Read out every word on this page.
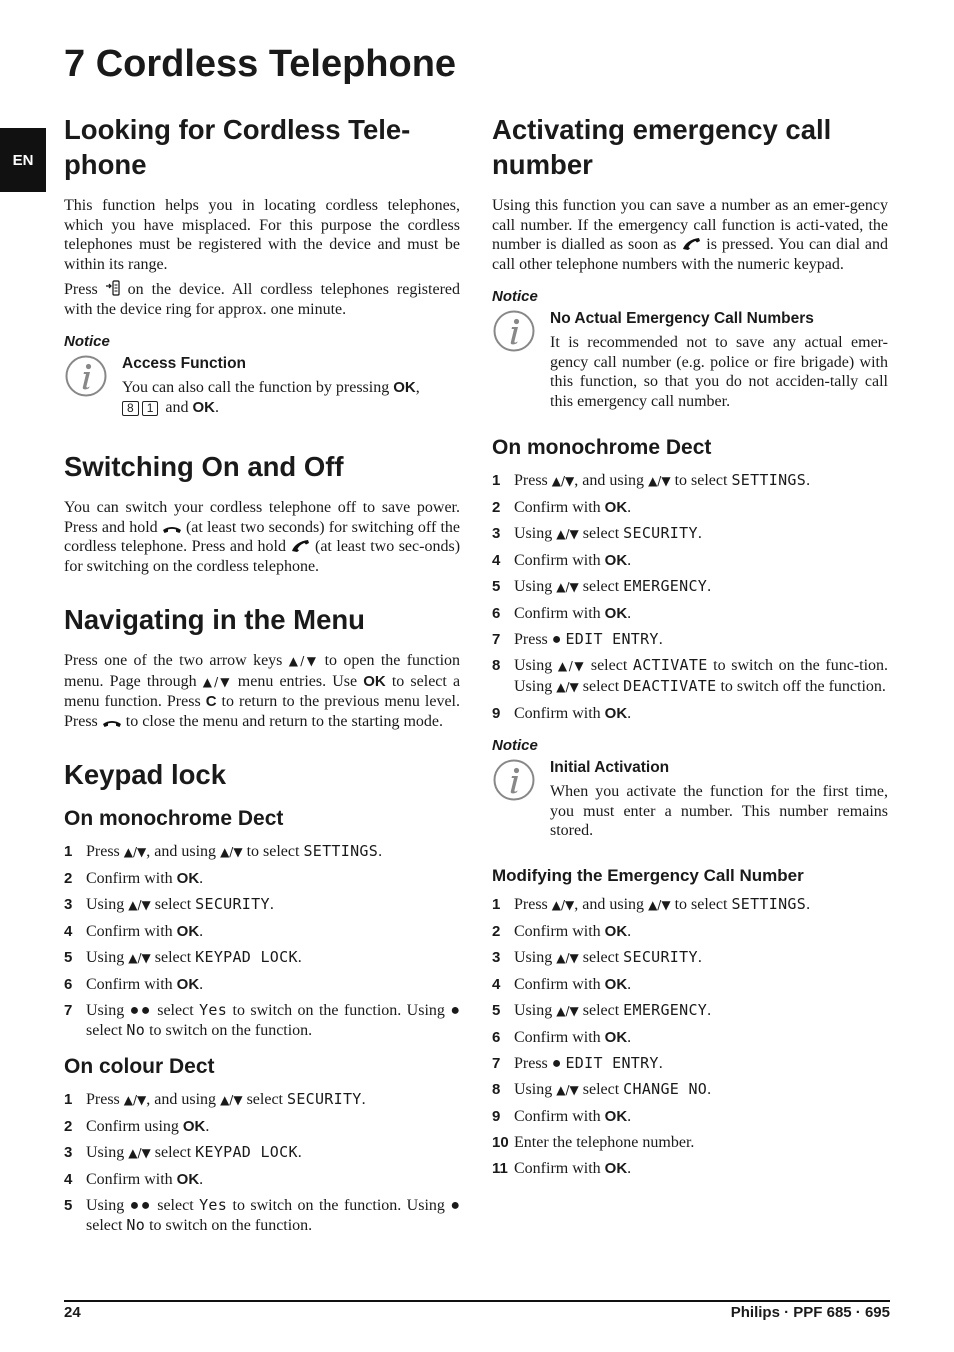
EN
7 Cordless Telephone
Looking for Cordless Tele-phone

This function helps you in locating cordless telephones, which you have misplaced. For this purpose the cordless telephones must be registered with the device and must be within its range.

Press on the device. All cordless telephones registered with the device ring for approx. one minute.

Notice
Access Function

You can also call the function by pressing OK,
8 1 and OK.

Switching On and Off

You can switch your cordless telephone off to save power. Press and hold (at least two seconds) for switching off the cordless telephone. Press and hold (at least two sec-onds) for switching on the cordless telephone.

Navigating in the Menu

Press one of the two arrow keys ▲/▼ to open the function menu. Page through ▲/▼ menu entries. Use OK to select a menu function. Press C to return to the previous menu level. Press to close the menu and return to the starting mode.

Keypad lock
On monochrome Dect
1 Press ▲/▼, and using ▲/▼ to select SETTINGS.
2 Confirm with OK.
3 Using ▲/▼ select SECURITY.
4 Confirm with OK.
5 Using ▲/▼ select KEYPAD LOCK.
6 Confirm with OK.
7 Using ●● select Yes to switch on the function. Using ● select No to switch on the function.
On colour Dect
1 Press ▲/▼, and using ▲/▼ select SECURITY.
2 Confirm using OK.
3 Using ▲/▼ select KEYPAD LOCK.
4 Confirm with OK.
5 Using ●● select Yes to switch on the function. Using ● select No to switch on the function.
Activating emergency call number

Using this function you can save a number as an emer-gency call number. If the emergency call function is acti-vated, the number is dialled as soon as is pressed. You can dial and call other telephone numbers with the numeric keypad.

Notice
No Actual Emergency Call Numbers

It is recommended not to save any actual emer-gency call number (e.g. police or fire brigade) with this function, so that you do not acciden-tally call this emergency call number.

On monochrome Dect
1 Press ▲/▼, and using ▲/▼ to select SETTINGS.
2 Confirm with OK.
3 Using ▲/▼ select SECURITY.
4 Confirm with OK.
5 Using ▲/▼ select EMERGENCY.
6 Confirm with OK.
7 Press ● EDIT ENTRY.
8 Using ▲/▼ select ACTIVATE to switch on the func-tion. Using ▲/▼ select DEACTIVATE to switch off the function.
9 Confirm with OK.
Notice
Initial Activation

When you activate the function for the first time, you must enter a number. This number remains stored.

Modifying the Emergency Call Number
1 Press ▲/▼, and using ▲/▼ to select SETTINGS.
2 Confirm with OK.
3 Using ▲/▼ select SECURITY.
4 Confirm with OK.
5 Using ▲/▼ select EMERGENCY.
6 Confirm with OK.
7 Press ● EDIT ENTRY.
8 Using ▲/▼ select CHANGE NO.
9 Confirm with OK.
10 Enter the telephone number.
11 Confirm with OK.
24	Philips · PPF 685 · 695
